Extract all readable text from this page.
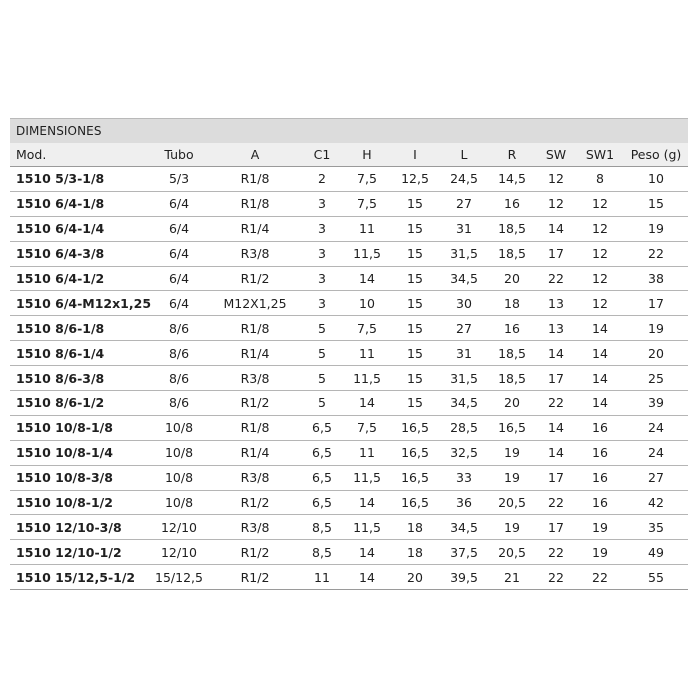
DIMENSIONES
Mod.	Tubo	A	C1	H	I	L	R	SW	SW1	Peso (g)
1510 5/3-1/8	5/3	R1/8	2	7,5	12,5	24,5	14,5	12	8	10
1510 6/4-1/8	6/4	R1/8	3	7,5	15	27	16	12	12	15
1510 6/4-1/4	6/4	R1/4	3	11	15	31	18,5	14	12	19
1510 6/4-3/8	6/4	R3/8	3	11,5	15	31,5	18,5	17	12	22
1510 6/4-1/2	6/4	R1/2	3	14	15	34,5	20	22	12	38
1510 6/4-M12x1,25	6/4	M12X1,25	3	10	15	30	18	13	12	17
1510 8/6-1/8	8/6	R1/8	5	7,5	15	27	16	13	14	19
1510 8/6-1/4	8/6	R1/4	5	11	15	31	18,5	14	14	20
1510 8/6-3/8	8/6	R3/8	5	11,5	15	31,5	18,5	17	14	25
1510 8/6-1/2	8/6	R1/2	5	14	15	34,5	20	22	14	39
1510 10/8-1/8	10/8	R1/8	6,5	7,5	16,5	28,5	16,5	14	16	24
1510 10/8-1/4	10/8	R1/4	6,5	11	16,5	32,5	19	14	16	24
1510 10/8-3/8	10/8	R3/8	6,5	11,5	16,5	33	19	17	16	27
1510 10/8-1/2	10/8	R1/2	6,5	14	16,5	36	20,5	22	16	42
1510 12/10-3/8	12/10	R3/8	8,5	11,5	18	34,5	19	17	19	35
1510 12/10-1/2	12/10	R1/2	8,5	14	18	37,5	20,5	22	19	49
1510 15/12,5-1/2	15/12,5	R1/2	11	14	20	39,5	21	22	22	55
